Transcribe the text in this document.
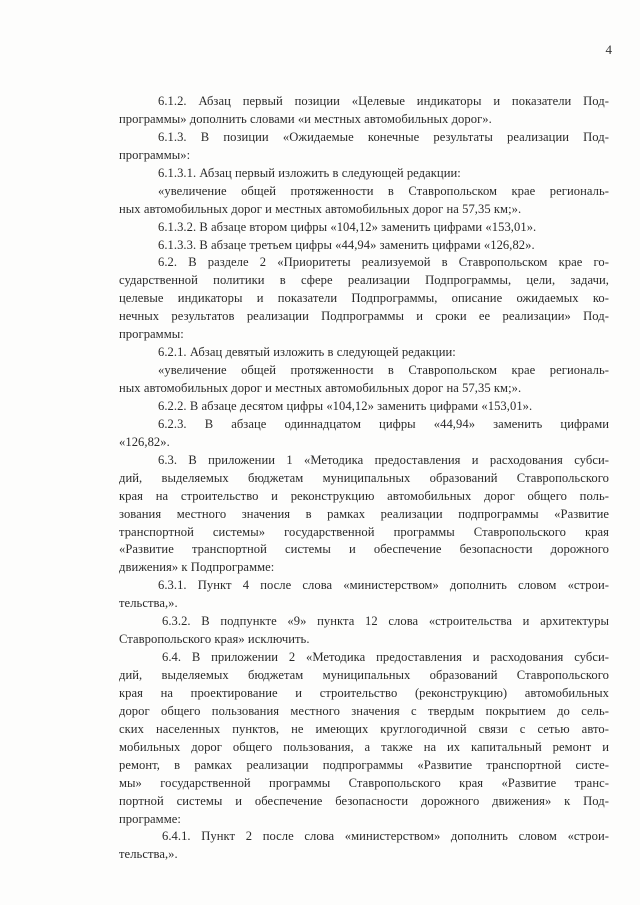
4
6.1.2. Абзац первый позиции «Целевые индикаторы и показатели Под-
программы» дополнить словами «и местных автомобильных дорог».
6.1.3. В позиции «Ожидаемые конечные результаты реализации Под-
программы»:
6.1.3.1. Абзац первый изложить в следующей редакции:
«увеличение общей протяженности в Ставропольском крае региональ-
ных автомобильных дорог и местных автомобильных дорог на 57,35 км;».
6.1.3.2. В абзаце втором цифры «104,12» заменить цифрами «153,01».
6.1.3.3. В абзаце третьем цифры «44,94» заменить цифрами «126,82».
6.2. В разделе 2 «Приоритеты реализуемой в Ставропольском крае го-
сударственной политики в сфере реализации Подпрограммы, цели, задачи,
целевые индикаторы и показатели Подпрограммы, описание ожидаемых ко-
нечных результатов реализации Подпрограммы и сроки ее реализации» Под-
программы:
6.2.1. Абзац девятый изложить в следующей редакции:
«увеличение общей протяженности в Ставропольском крае региональ-
ных автомобильных дорог и местных автомобильных дорог на 57,35 км;».
6.2.2. В абзаце десятом цифры «104,12» заменить цифрами «153,01».
6.2.3. В абзаце одиннадцатом цифры «44,94» заменить цифрами
«126,82».
6.3. В приложении 1 «Методика предоставления и расходования субси-
дий, выделяемых бюджетам муниципальных образований Ставропольского
края на строительство и реконструкцию автомобильных дорог общего поль-
зования местного значения в рамках реализации подпрограммы «Развитие
транспортной системы» государственной программы Ставропольского края
«Развитие транспортной системы и обеспечение безопасности дорожного
движения» к Подпрограмме:
6.3.1. Пункт 4 после слова «министерством» дополнить словом «строи-
тельства,».
6.3.2. В подпункте «9» пункта 12 слова «строительства и архитектуры
Ставропольского края» исключить.
6.4. В приложении 2 «Методика предоставления и расходования субси-
дий, выделяемых бюджетам муниципальных образований Ставропольского
края на проектирование и строительство (реконструкцию) автомобильных
дорог общего пользования местного значения с твердым покрытием до сель-
ских населенных пунктов, не имеющих круглогодичной связи с сетью авто-
мобильных дорог общего пользования, а также на их капитальный ремонт и
ремонт, в рамках реализации подпрограммы «Развитие транспортной систе-
мы» государственной программы Ставропольского края «Развитие транс-
портной системы и обеспечение безопасности дорожного движения» к Под-
программе:
6.4.1. Пункт 2 после слова «министерством» дополнить словом «строи-
тельства,».
